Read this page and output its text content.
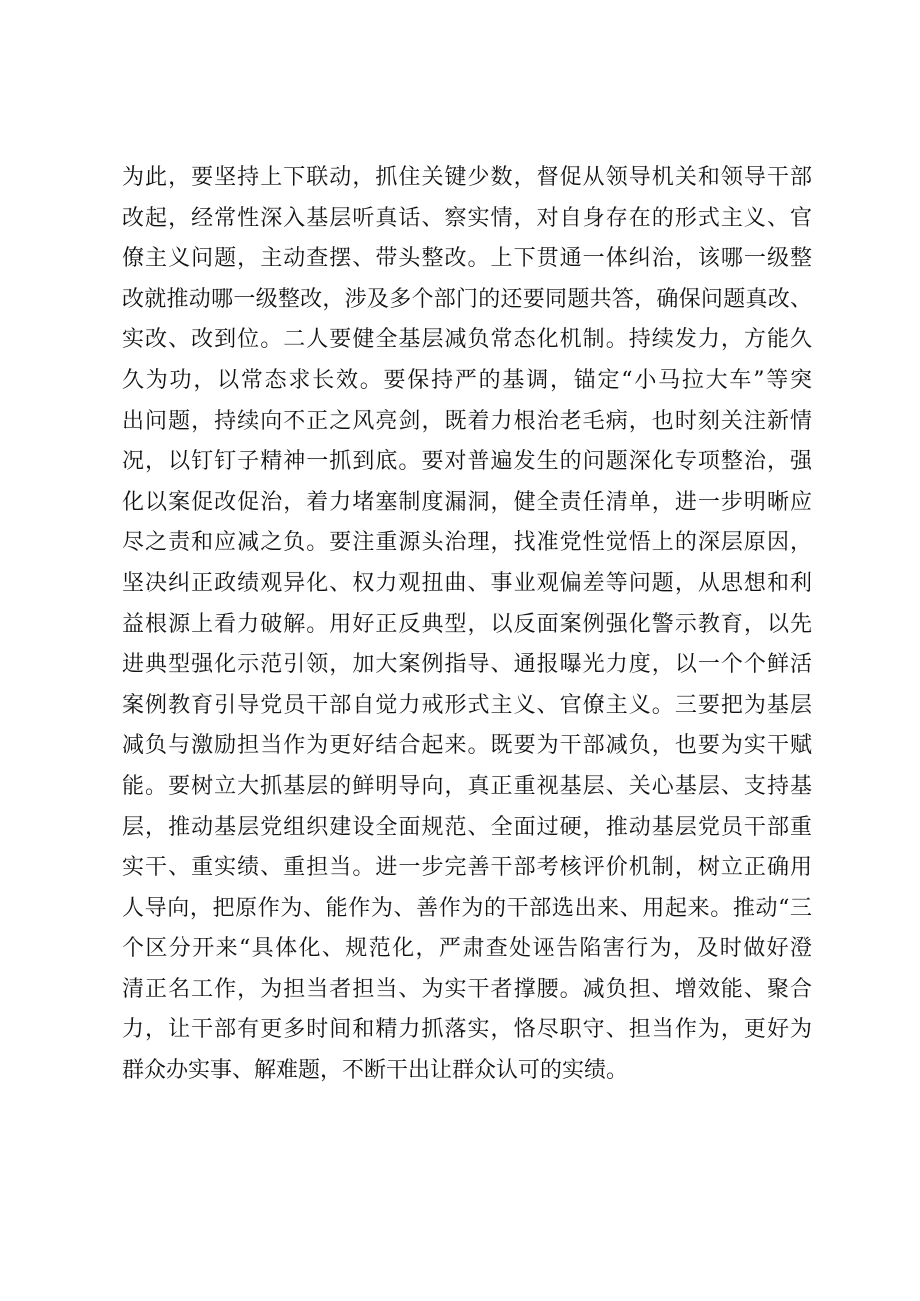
为此，要坚持上下联动，抓住关键少数，督促从领导机关和领导干部
改起，经常性深入基层听真话、察实情，对自身存在的形式主义、官
僚主义问题，主动查摆、带头整改。上下贯通一体纠治，该哪一级整
改就推动哪一级整改，涉及多个部门的还要同题共答，确保问题真改、
实改、改到位。二人要健全基层减负常态化机制。持续发力，方能久
久为功，以常态求长效。要保持严的基调，锚定“小马拉大车”等突
出问题，持续向不正之风亮剑，既着力根治老毛病，也时刻关注新情
况，以钉钉子精神一抓到底。要对普遍发生的问题深化专项整治，强
化以案促改促治，着力堵塞制度漏洞，健全责任清单，进一步明晰应
尽之责和应减之负。要注重源头治理，找准党性觉悟上的深层原因，
坚决纠正政绩观异化、权力观扭曲、事业观偏差等问题，从思想和利
益根源上看力破解。用好正反典型，以反面案例强化警示教育，以先
进典型强化示范引领，加大案例指导、通报曝光力度，以一个个鲜活
案例教育引导党员干部自觉力戒形式主义、官僚主义。三要把为基层
减负与激励担当作为更好结合起来。既要为干部减负，也要为实干赋
能。要树立大抓基层的鲜明导向，真正重视基层、关心基层、支持基
层，推动基层党组织建设全面规范、全面过硬，推动基层党员干部重
实干、重实绩、重担当。进一步完善干部考核评价机制，树立正确用
人导向，把原作为、能作为、善作为的干部选出来、用起来。推动“三
个区分开来“具体化、规范化，严肃查处诬告陷害行为，及时做好澄
清正名工作，为担当者担当、为实干者撑腰。减负担、增效能、聚合
力，让干部有更多时间和精力抓落实，恪尽职守、担当作为，更好为
群众办实事、解难题，不断干出让群众认可的实绩。
